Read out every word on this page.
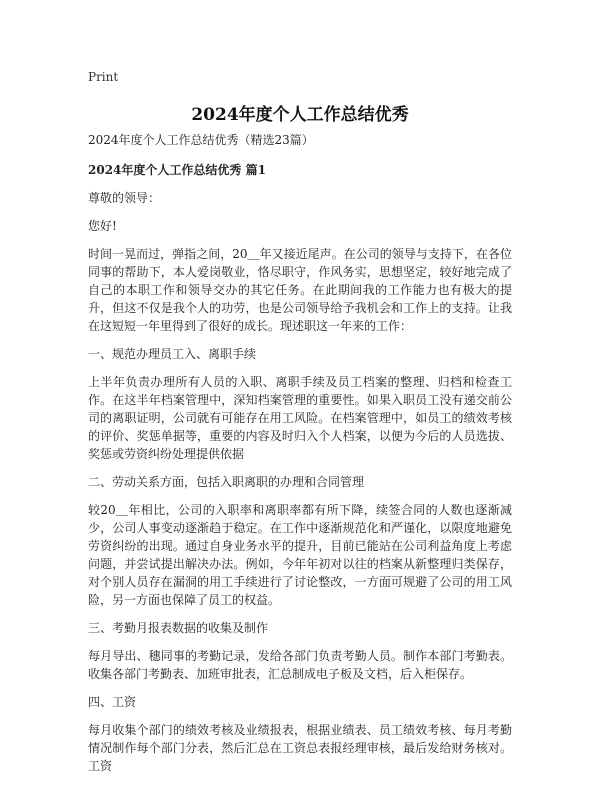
Print
2024年度个人工作总结优秀

2024年度个人工作总结优秀（精选23篇）

2024年度个人工作总结优秀 篇1

尊敬的领导：

您好!

时间一晃而过，弹指之间，20＿年又接近尾声。在公司的领导与支持下，在各位同事的帮助下，本人爱岗敬业，恪尽职守，作风务实，思想坚定，较好地完成了自己的本职工作和领导交办的其它任务。在此期间我的工作能力也有极大的提升，但这不仅是我个人的功劳，也是公司领导给予我机会和工作上的支持。让我在这短短一年里得到了很好的成长。现述职这一年来的工作：

一、规范办理员工入、离职手续

上半年负责办理所有人员的入职、离职手续及员工档案的整理、归档和检查工作。在这半年档案管理中，深知档案管理的重要性。如果入职员工没有递交前公司的离职证明，公司就有可能存在用工风险。在档案管理中，如员工的绩效考核的评价、奖惩单据等，重要的内容及时归入个人档案，以便为今后的人员选拔、奖惩或劳资纠纷处理提供依据

二、劳动关系方面，包括入职离职的办理和合同管理

较20＿年相比，公司的入职率和离职率都有所下降，续签合同的人数也逐渐减少，公司人事变动逐渐趋于稳定。在工作中逐渐规范化和严谨化，以限度地避免劳资纠纷的出现。通过自身业务水平的提升，目前已能站在公司利益角度上考虑问题，并尝试提出解决办法。例如，今年年初对以往的档案从新整理归类保存，对个别人员存在漏洞的用工手续进行了讨论整改，一方面可规避了公司的用工风险，另一方面也保障了员工的权益。

三、考勤月报表数据的收集及制作

每月导出、穗同事的考勤记录，发给各部门负责考勤人员。制作本部门考勤表。收集各部门考勤表、加班审批表，汇总制成电子板及文档，后入柜保存。

四、工资

每月收集个部门的绩效考核及业绩报表，根据业绩表、员工绩效考核、每月考勤情况制作每个部门分表，然后汇总在工资总表报经理审核，最后发给财务核对。工资
